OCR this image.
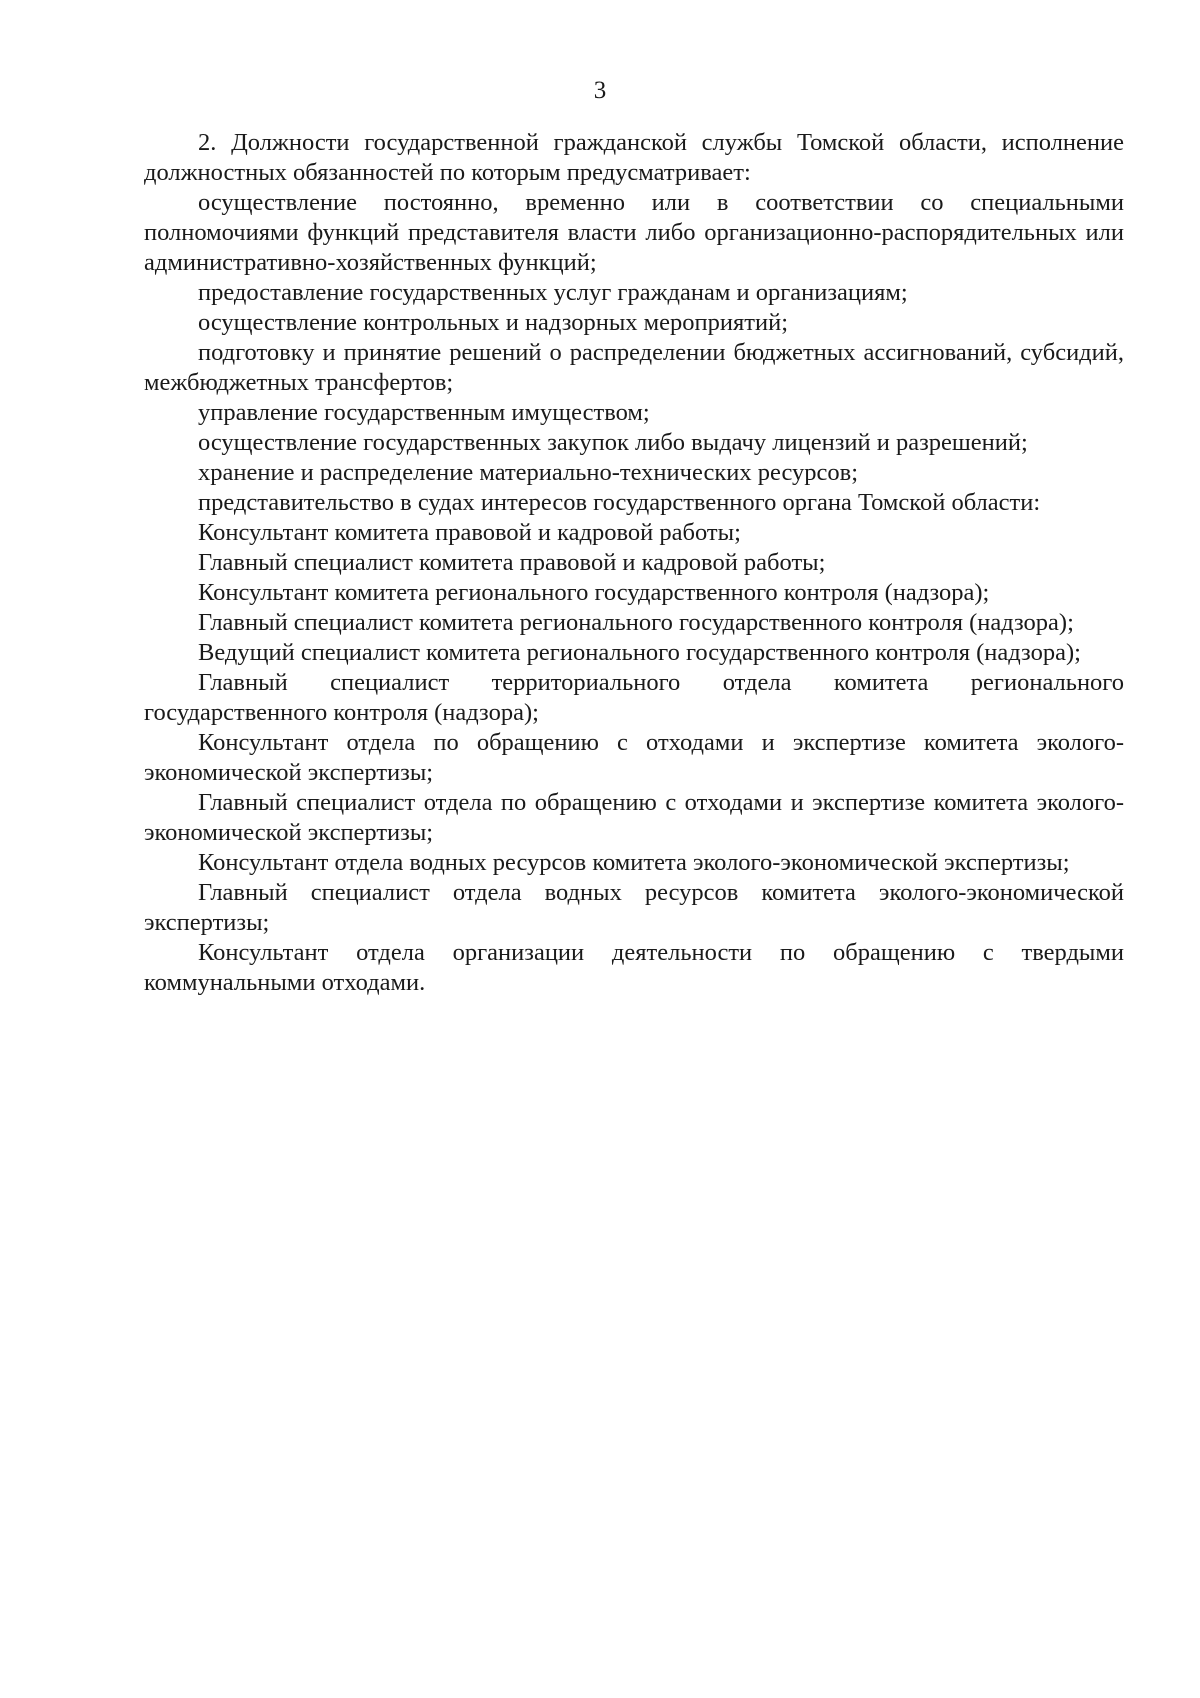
3

2. Должности государственной гражданской службы Томской области, исполнение должностных обязанностей по которым предусматривает:

осуществление постоянно, временно или в соответствии со специальными полномочиями функций представителя власти либо организационно-распорядительных или административно-хозяйственных функций;

предоставление государственных услуг гражданам и организациям;

осуществление контрольных и надзорных мероприятий;

подготовку и принятие решений о распределении бюджетных ассигнований, субсидий, межбюджетных трансфертов;

управление государственным имуществом;

осуществление государственных закупок либо выдачу лицензий и разрешений;

хранение и распределение материально-технических ресурсов;

представительство в судах интересов государственного органа Томской области:

Консультант комитета правовой и кадровой работы;

Главный специалист комитета правовой и кадровой работы;

Консультант комитета регионального государственного контроля (надзора);

Главный специалист комитета регионального государственного контроля (надзора);

Ведущий специалист комитета регионального государственного контроля (надзора);

Главный специалист территориального отдела комитета регионального государственного контроля (надзора);

Консультант отдела по обращению с отходами и экспертизе комитета эколого-экономической экспертизы;

Главный специалист отдела по обращению с отходами и экспертизе комитета эколого-экономической экспертизы;

Консультант отдела водных ресурсов комитета эколого-экономической экспертизы;

Главный специалист отдела водных ресурсов комитета эколого-экономической экспертизы;

Консультант отдела организации деятельности по обращению с твердыми коммунальными отходами.
